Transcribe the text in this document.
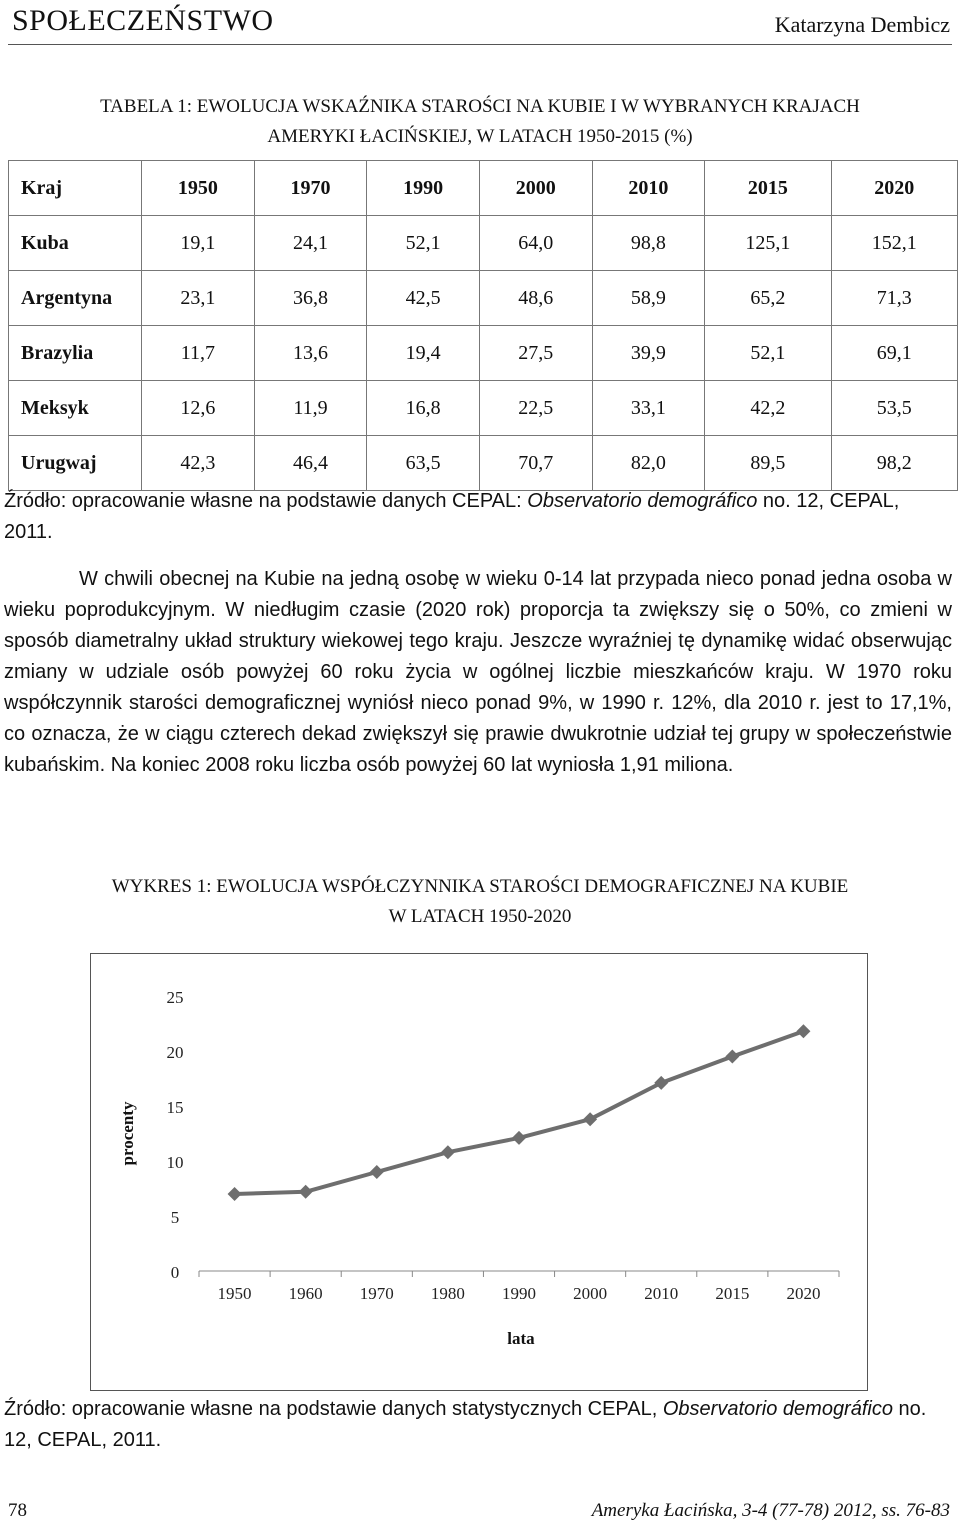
SPOŁECZEŃSTWO	Katarzyna Dembicz
TABELA 1: EWOLUCJA WSKAŹNIKA STAROŚCI NA KUBIE I W WYBRANYCH KRAJACH
AMERYKI ŁACIŃSKIEJ, W LATACH 1950-2015 (%)
Kraj	1950	1970	1990	2000	2010	2015	2020
Kuba	19,1	24,1	52,1	64,0	98,8	125,1	152,1
Argentyna	23,1	36,8	42,5	48,6	58,9	65,2	71,3
Brazylia	11,7	13,6	19,4	27,5	39,9	52,1	69,1
Meksyk	12,6	11,9	16,8	22,5	33,1	42,2	53,5
Urugwaj	42,3	46,4	63,5	70,7	82,0	89,5	98,2
Źródło: opracowanie własne na podstawie danych CEPAL: Observatorio demográfico no. 12, CEPAL, 2011.
W chwili obecnej na Kubie na jedną osobę w wieku 0-14 lat przypada nieco ponad jedna osoba w wieku poprodukcyjnym. W niedługim czasie (2020 rok) proporcja ta zwiększy się o 50%, co zmieni w sposób diametralny układ struktury wiekowej tego kraju. Jeszcze wyraźniej tę dynamikę widać obserwując zmiany w udziale osób powyżej 60 roku życia w ogólnej liczbie mieszkańców kraju. W 1970 roku współczynnik starości demograficznej wyniósł nieco ponad 9%, w 1990 r. 12%, dla 2010 r. jest to 17,1%, co oznacza, że w ciągu czterech dekad zwiększył się prawie dwukrotnie udział tej grupy w społeczeństwie kubańskim. Na koniec 2008 roku liczba osób powyżej 60 lat wyniosła 1,91 miliona.
WYKRES 1: EWOLUCJA WSPÓŁCZYNNIKA STAROŚCI DEMOGRAFICZNEJ NA KUBIE
W LATACH 1950-2020
0
5
10
15
20
25
1950 1960 1970 1980 1990 2000 2010 2015 2020
procenty
lata
Źródło: opracowanie własne na podstawie danych statystycznych CEPAL, Observatorio demográfico no. 12, CEPAL, 2011.
78	Ameryka Łacińska, 3-4 (77-78) 2012, ss. 76-83
